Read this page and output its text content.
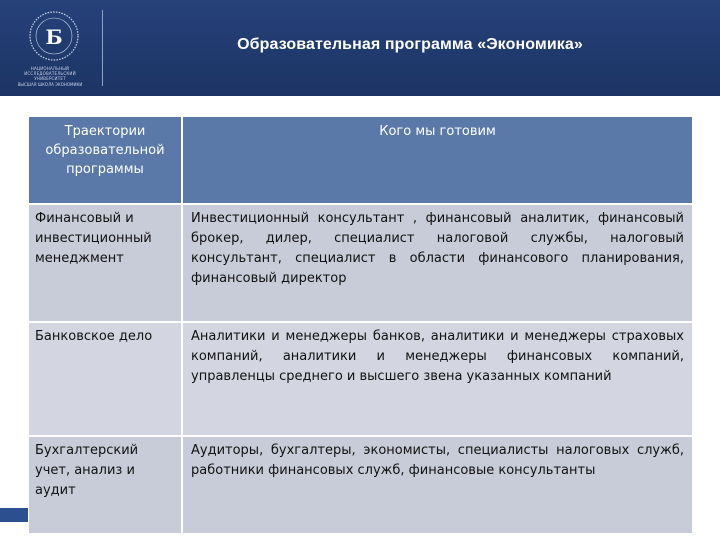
Б
НАЦИОНАЛЬНЫЙ ИССЛЕДОВАТЕЛЬСКИЙ УНИВЕРСИТЕТ
ВЫСШАЯ ШКОЛА ЭКОНОМИКИ
Образовательная программа «Экономика»
Траектории образовательной программы	Кого мы готовим
Финансовый и инвестиционный менеджмент	Инвестиционный консультант , финансовый аналитик, финансовый брокер, дилер, специалист налоговой службы, налоговый консультант, специалист в области финансового планирования, финансовый директор
Банковское дело	Аналитики и менеджеры банков, аналитики и менеджеры страховых компаний, аналитики и менеджеры финансовых компаний, управленцы среднего и высшего звена указанных компаний
Бухгалтерский учет, анализ и аудит	Аудиторы, бухгалтеры, экономисты, специалисты налоговых служб, работники финансовых служб, финансовые консультанты
